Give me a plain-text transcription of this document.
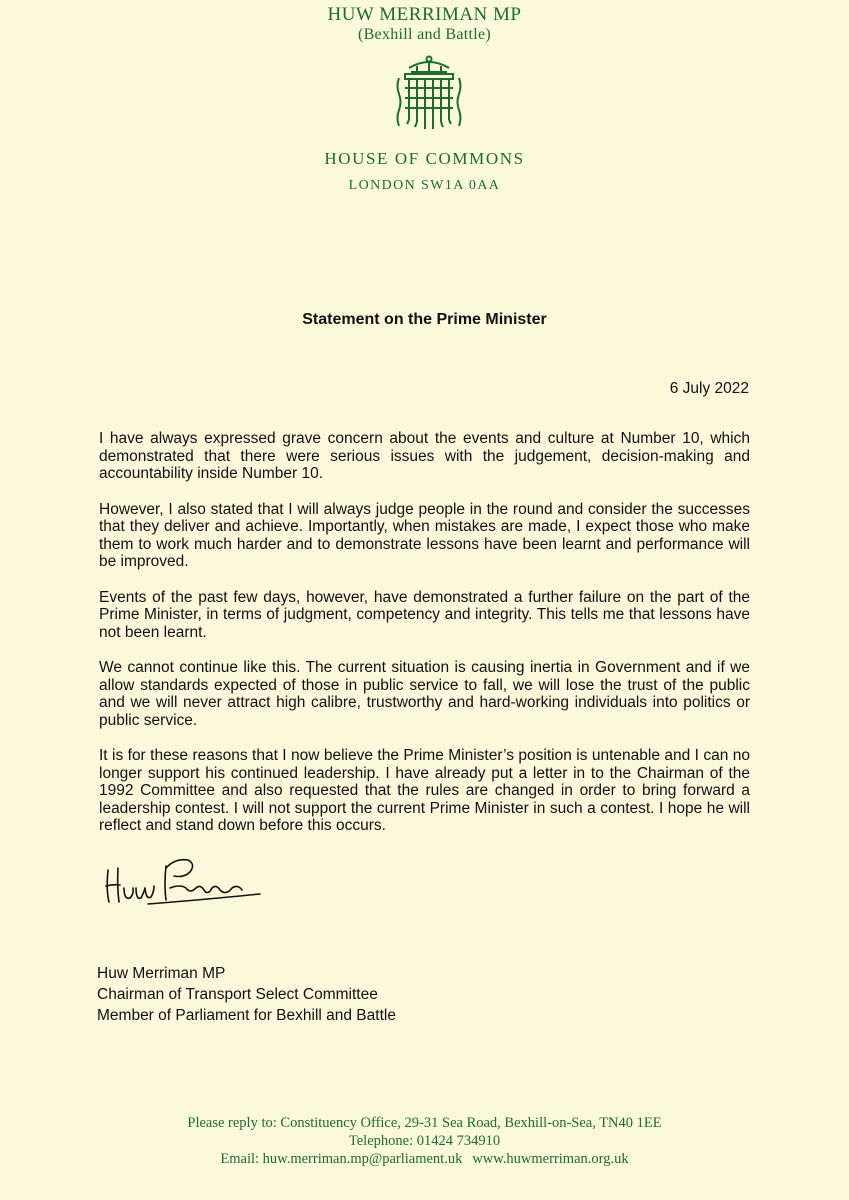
HUW MERRIMAN MP
(Bexhill and Battle)
HOUSE OF COMMONS
LONDON SW1A 0AA
Statement on the Prime Minister
6 July 2022

I have always expressed grave concern about the events and culture at Number 10, which demonstrated that there were serious issues with the judgement, decision-making and accountability inside Number 10.

However, I also stated that I will always judge people in the round and consider the successes that they deliver and achieve. Importantly, when mistakes are made, I expect those who make them to work much harder and to demonstrate lessons have been learnt and performance will be improved.

Events of the past few days, however, have demonstrated a further failure on the part of the Prime Minister, in terms of judgment, competency and integrity. This tells me that lessons have not been learnt.

We cannot continue like this. The current situation is causing inertia in Government and if we allow standards expected of those in public service to fall, we will lose the trust of the public and we will never attract high calibre, trustworthy and hard-working individuals into politics or public service.

It is for these reasons that I now believe the Prime Minister’s position is untenable and I can no longer support his continued leadership. I have already put a letter in to the Chairman of the 1992 Committee and also requested that the rules are changed in order to bring forward a leadership contest. I will not support the current Prime Minister in such a contest. I hope he will reflect and stand down before this occurs.

Huw Merriman MP
Chairman of Transport Select Committee
Member of Parliament for Bexhill and Battle
Please reply to: Constituency Office, 29-31 Sea Road, Bexhill-on-Sea, TN40 1EE
Telephone: 01424 734910
Email: huw.merriman.mp@parliament.uk www.huwmerriman.org.uk
